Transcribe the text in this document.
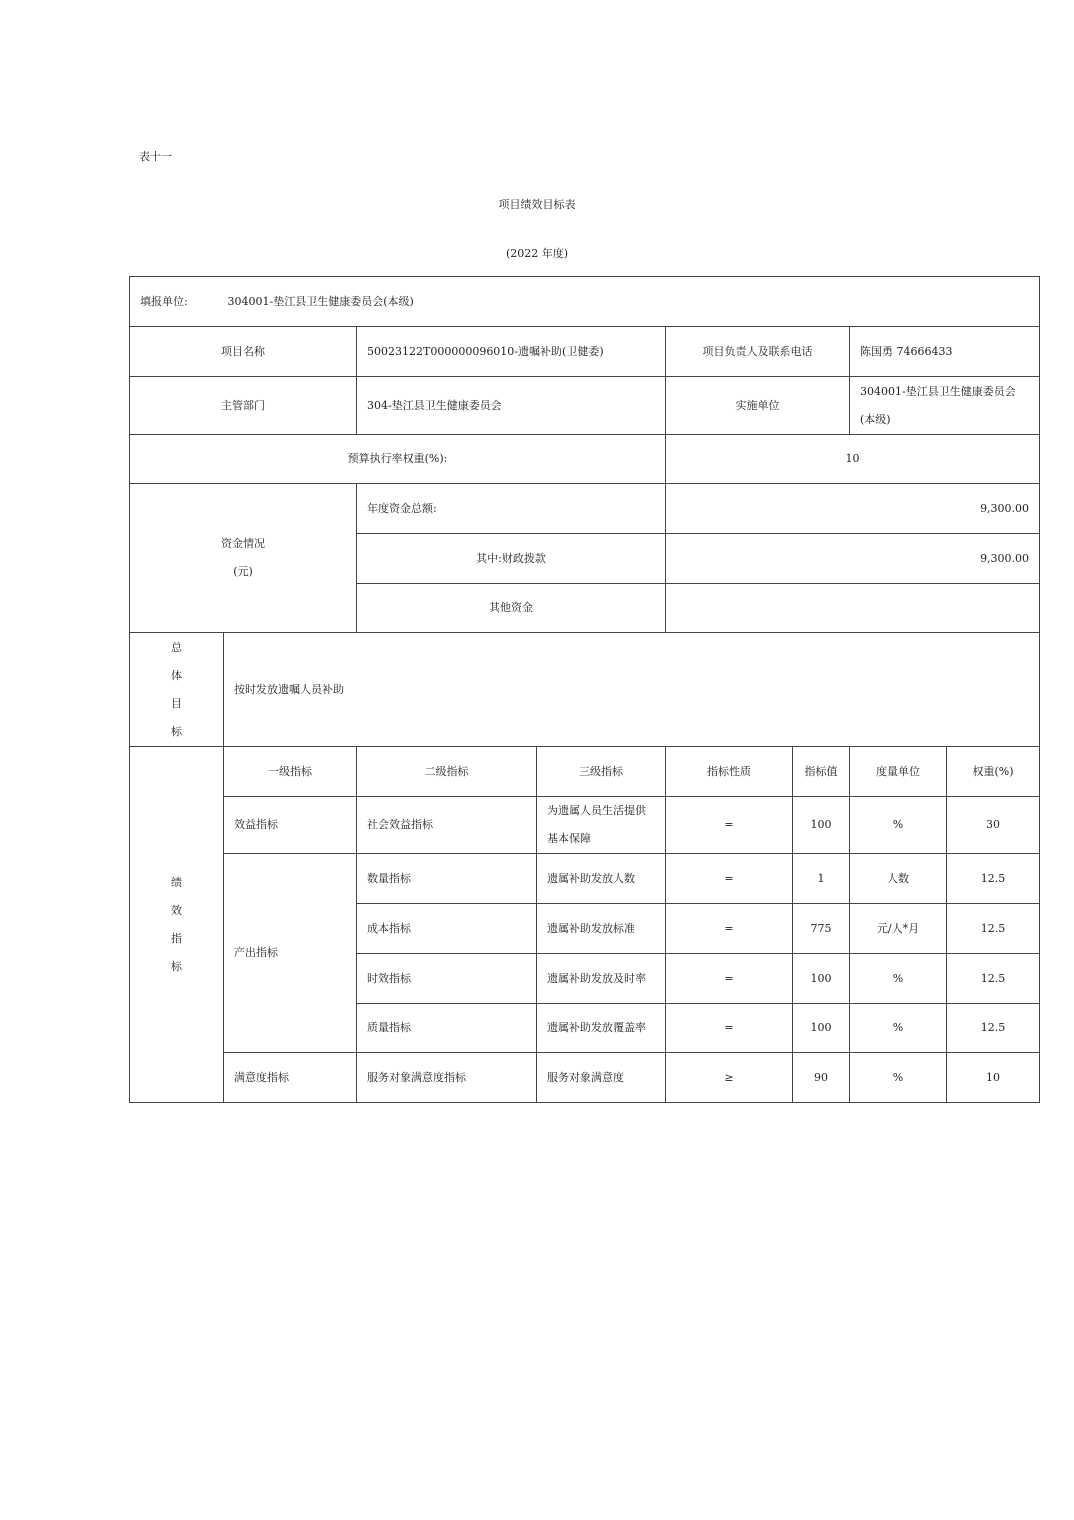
表十一
项目绩效目标表
(2022 年度)
填报单位: 304001-垫江县卫生健康委员会(本级)							
项目名称		50023122T000000096010-遗嘱补助(卫健委)		项目负责人及联系电话		陈国勇 74666433	
主管部门		304-垫江县卫生健康委员会		实施单位		304001-垫江县卫生健康委员会(本级)	
预算执行率权重(%):				10			

资金情况
(元)		年度资金总额:		9,300.00			
		其中:财政拨款		9,300.00			
		其他资金					

总
体
目
标	按时发放遗嘱人员补助						

绩
效
指
标	一级指标	二级指标	三级指标	指标性质	指标值	度量单位	权重(%)
	效益指标	社会效益指标	为遗属人员生活提供基本保障	=	100	%	30
	产出指标	数量指标	遗属补助发放人数	=	1	人数	12.5
		成本指标	遗属补助发放标准	=	775	元/人*月	12.5
		时效指标	遗属补助发放及时率	=	100	%	12.5
		质量指标	遗属补助发放覆盖率	=	100	%	12.5
	满意度指标	服务对象满意度指标	服务对象满意度	≥	90	%	10
